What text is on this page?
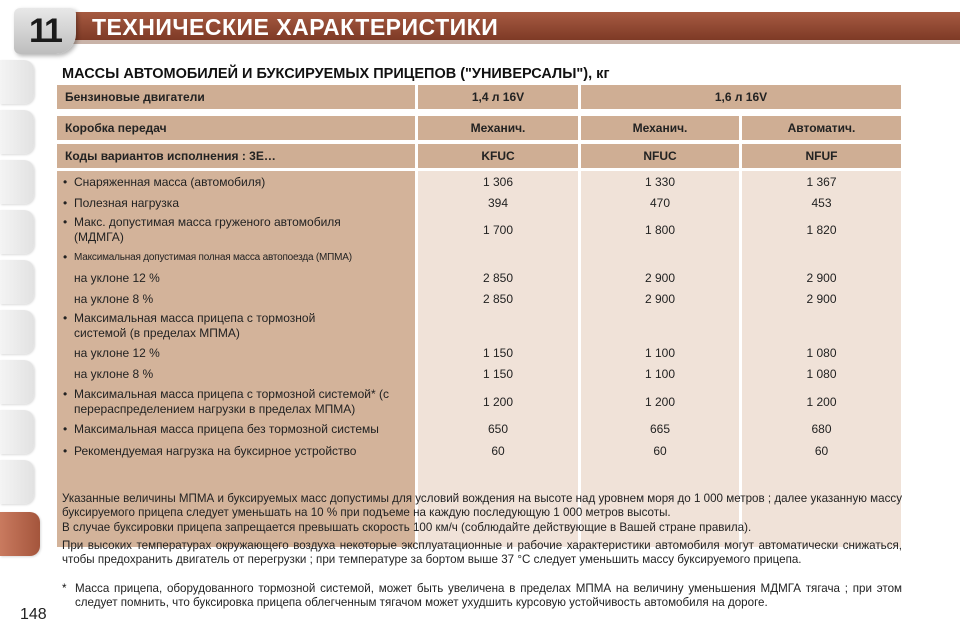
11 ТЕХНИЧЕСКИЕ ХАРАКТЕРИСТИКИ
МАССЫ АВТОМОБИЛЕЙ И БУКСИРУЕМЫХ ПРИЦЕПОВ ("УНИВЕРСАЛЫ"), кг
Бензиновые двигатели	1,4 л 16V	1,6 л 16V
Коробка передач	Механич.	Механич.	Автоматич.
Коды вариантов исполнения : 3E…	KFUC	NFUC	NFUF
• Снаряженная масса (автомобиля)	1 306	1 330	1 367
• Полезная нагрузка	394	470	453
• Макс. допустимая масса груженого автомобиля (МДМГА)	1 700	1 800	1 820
• Максимальная допустимая полная масса автопоезда (МПМА)
на уклоне 12 %	2 850	2 900	2 900
на уклоне 8 %	2 850	2 900	2 900
• Максимальная масса прицепа с тормозной системой (в пределах МПМА)
на уклоне 12 %	1 150	1 100	1 080
на уклоне 8 %	1 150	1 100	1 080
• Максимальная масса прицепа с тормозной системой* (с перераспределением нагрузки в пределах МПМА)	1 200	1 200	1 200
• Максимальная масса прицепа без тормозной системы	650	665	680
• Рекомендуемая нагрузка на буксирное устройство	60	60	60
Указанные величины МПМА и буксируемых масс допустимы для условий вождения на высоте над уровнем моря до 1 000 метров ; далее указанную массу буксируемого прицепа следует уменьшать на 10 % при подъеме на каждую последующую 1 000 метров высоты.
В случае буксировки прицепа запрещается превышать скорость 100 км/ч (соблюдайте действующие в Вашей стране правила).
При высоких температурах окружающего воздуха некоторые эксплуатационные и рабочие характеристики автомобиля могут автоматически снижаться, чтобы предохранить двигатель от перегрузки ; при температуре за бортом выше 37 °C следует уменьшить массу буксируемого прицепа.
* Масса прицепа, оборудованного тормозной системой, может быть увеличена в пределах МПМА на величину уменьшения МДМГА тягача ; при этом следует помнить, что буксировка прицепа облегченным тягачом может ухудшить курсовую устойчивость автомобиля на дороге.
148
